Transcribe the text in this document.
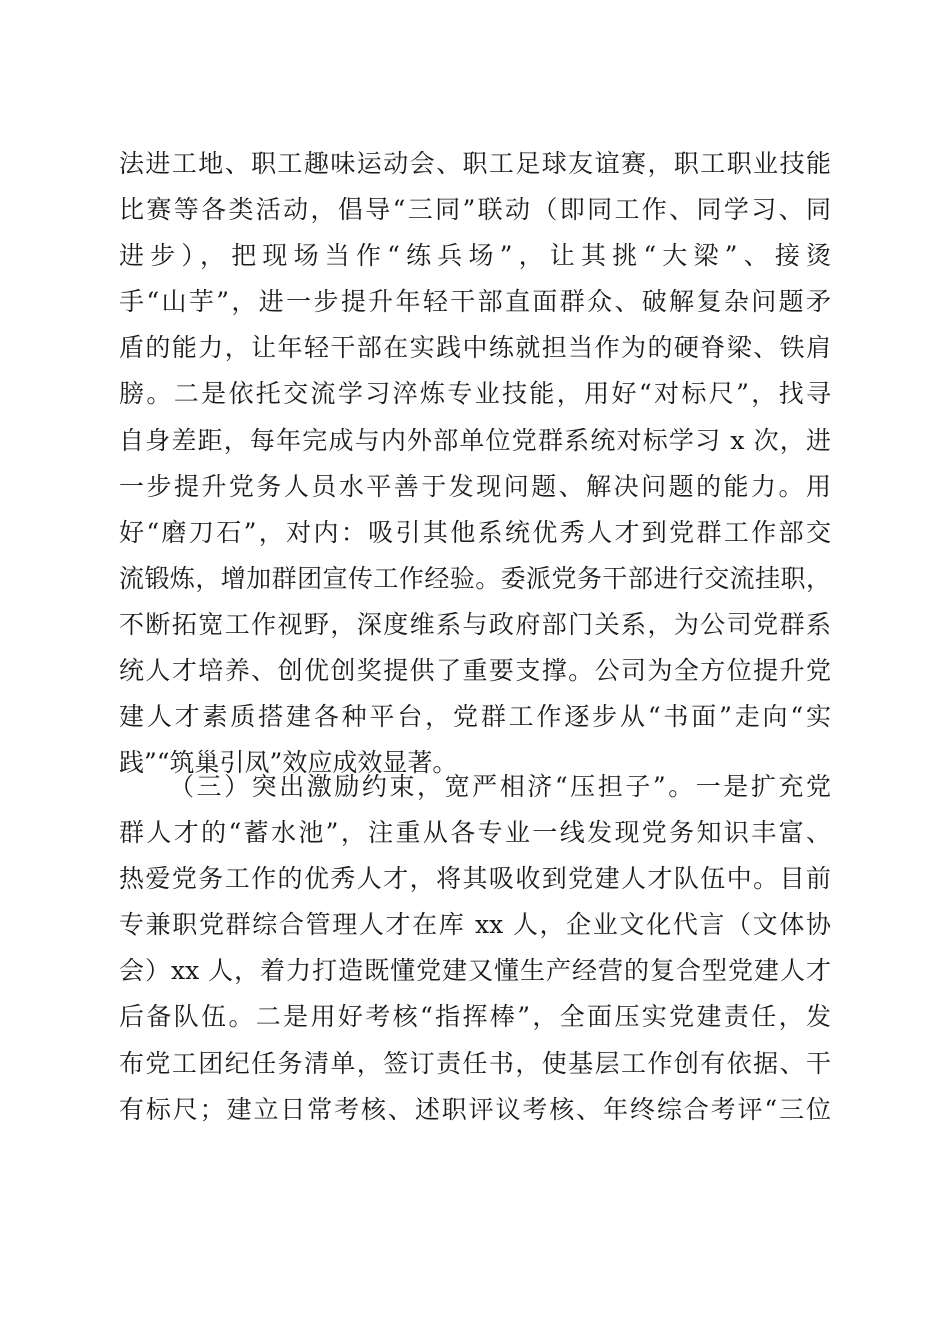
法进工地、职工趣味运动会、职工足球友谊赛，职工职业技能
比赛等各类活动，倡导“三同”联动（即同工作、同学习、同
进步），把现场当作“练兵场”，让其挑“大梁”、接烫
手“山芋”，进一步提升年轻干部直面群众、破解复杂问题矛
盾的能力，让年轻干部在实践中练就担当作为的硬脊梁、铁肩
膀。二是依托交流学习淬炼专业技能，用好“对标尺”，找寻
自身差距，每年完成与内外部单位党群系统对标学习 x 次，进
一步提升党务人员水平善于发现问题、解决问题的能力。用
好“磨刀石”，对内：吸引其他系统优秀人才到党群工作部交
流锻炼，增加群团宣传工作经验。委派党务干部进行交流挂职，
不断拓宽工作视野，深度维系与政府部门关系，为公司党群系
统人才培养、创优创奖提供了重要支撑。公司为全方位提升党
建人才素质搭建各种平台，党群工作逐步从“书面”走向“实
践”“筑巢引凤”效应成效显著。
（三）突出激励约束，宽严相济“压担子”。一是扩充党
群人才的“蓄水池”，注重从各专业一线发现党务知识丰富、
热爱党务工作的优秀人才，将其吸收到党建人才队伍中。目前
专兼职党群综合管理人才在库 xx 人，企业文化代言（文体协
会）xx 人，着力打造既懂党建又懂生产经营的复合型党建人才
后备队伍。二是用好考核“指挥棒”，全面压实党建责任，发
布党工团纪任务清单，签订责任书，使基层工作创有依据、干
有标尺；建立日常考核、述职评议考核、年终综合考评“三位
